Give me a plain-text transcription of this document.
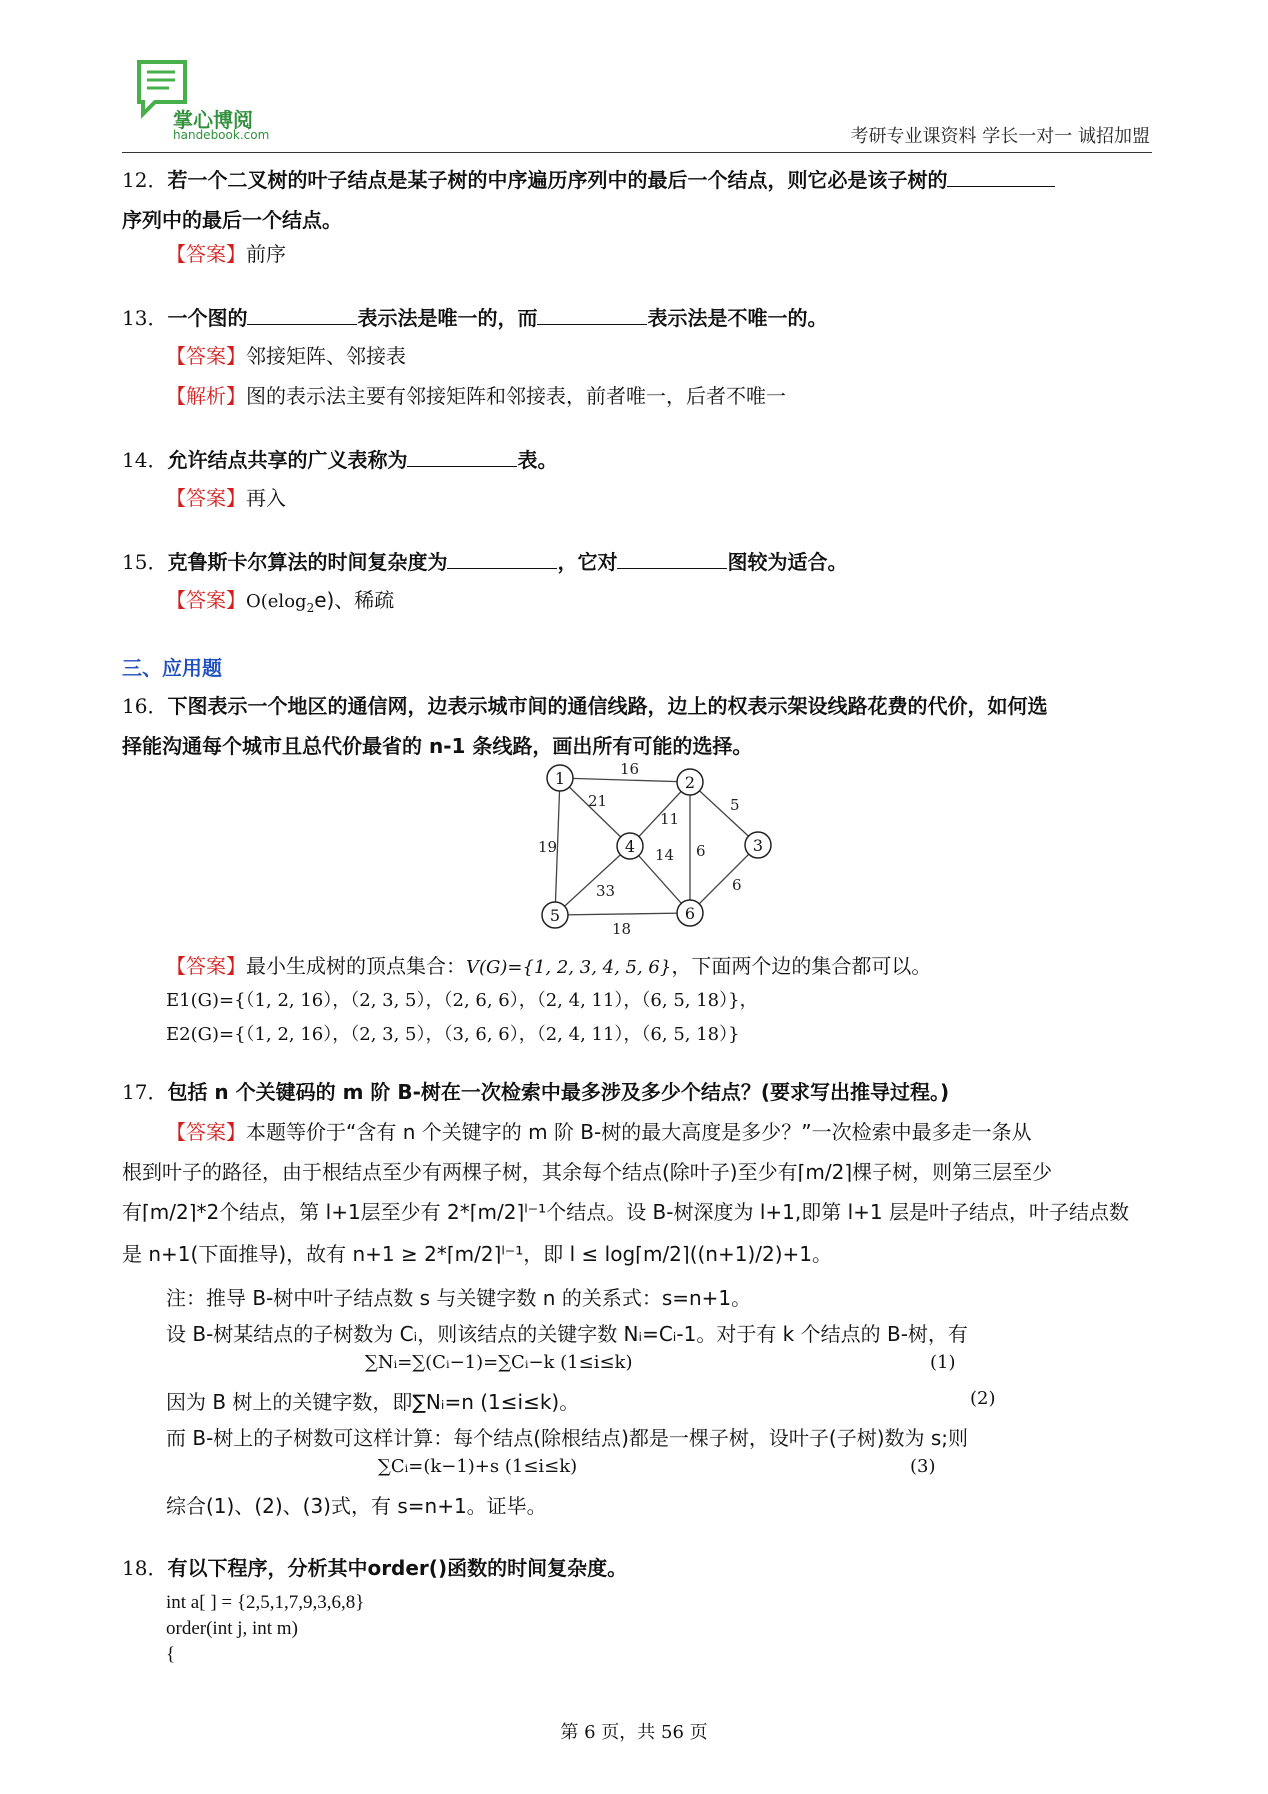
掌心博阅
handebook.com	考研专业课资料 学长一对一 诚招加盟
12．若一个二叉树的叶子结点是某子树的中序遍历序列中的最后一个结点，则它必是该子树的
序列中的最后一个结点。
【答案】前序
13．一个图的	表示法是唯一的，而	表示法是不唯一的。
【答案】邻接矩阵、邻接表
【解析】图的表示法主要有邻接矩阵和邻接表，前者唯一，后者不唯一
14．允许结点共享的广义表称为	表。
【答案】再入
15．克鲁斯卡尔算法的时间复杂度为	，它对	图较为适合。
【答案】O(elog$_2$e)、稀疏
三、应用题
16．下图表示一个地区的通信网，边表示城市间的通信线路，边上的权表示架设线路花费的代价，如何选
择能沟通每个城市且总代价最省的 n-1 条线路，画出所有可能的选择。
16
21	5
11
19	14 6
6
33
18
1	2
3
4
5	6
【答案】最小生成树的顶点集合：V(G)={1, 2, 3, 4, 5, 6}，下面两个边的集合都可以。
E1(G)={（1, 2, 16），（2, 3, 5），（2, 6, 6），（2, 4, 11），（6, 5, 18）}，
E2(G)={（1, 2, 16），（2, 3, 5），（3, 6, 6），（2, 4, 11），（6, 5, 18）}
17．包括 n 个关键码的 m 阶 B-树在一次检索中最多涉及多少个结点？(要求写出推导过程。)
【答案】本题等价于“含有 n 个关键字的 m 阶 B-树的最大高度是多少？”一次检索中最多走一条从
根到叶子的路径，由于根结点至少有两棵子树，其余每个结点(除叶子)至少有⌈m/2⌉棵子树，则第三层至少
有⌈m/2⌉*2个结点，第 l+1层至少有 2*⌈m/2⌉ˡ⁻¹个结点。设 B-树深度为 l+1,即第 l+1 层是叶子结点，叶子结点数
是 n+1(下面推导)，故有 n+1 ≥ 2*⌈m/2⌉ˡ⁻¹，即 l ≤ log⌈m/2⌉((n+1)/2)+1。
注：推导 B-树中叶子结点数 s 与关键字数 n 的关系式：s=n+1。
设 B-树某结点的子树数为 Cᵢ，则该结点的关键字数 Nᵢ=Cᵢ-1。对于有 k 个结点的 B-树，有
∑Nᵢ=∑(Cᵢ−1)=∑Cᵢ−k (1≤i≤k)	(1)
因为 B 树上的关键字数，即∑Nᵢ=n (1≤i≤k)。	(2)
而 B-树上的子树数可这样计算：每个结点(除根结点)都是一棵子树，设叶子(子树)数为 s;则
∑Cᵢ=(k−1)+s (1≤i≤k)	(3)
综合(1)、(2)、(3)式，有 s=n+1。证毕。
18．有以下程序，分析其中order()函数的时间复杂度。
int a[ ] = {2,5,1,7,9,3,6,8}
order(int j, int m)
{
第 6 页，共 56 页
